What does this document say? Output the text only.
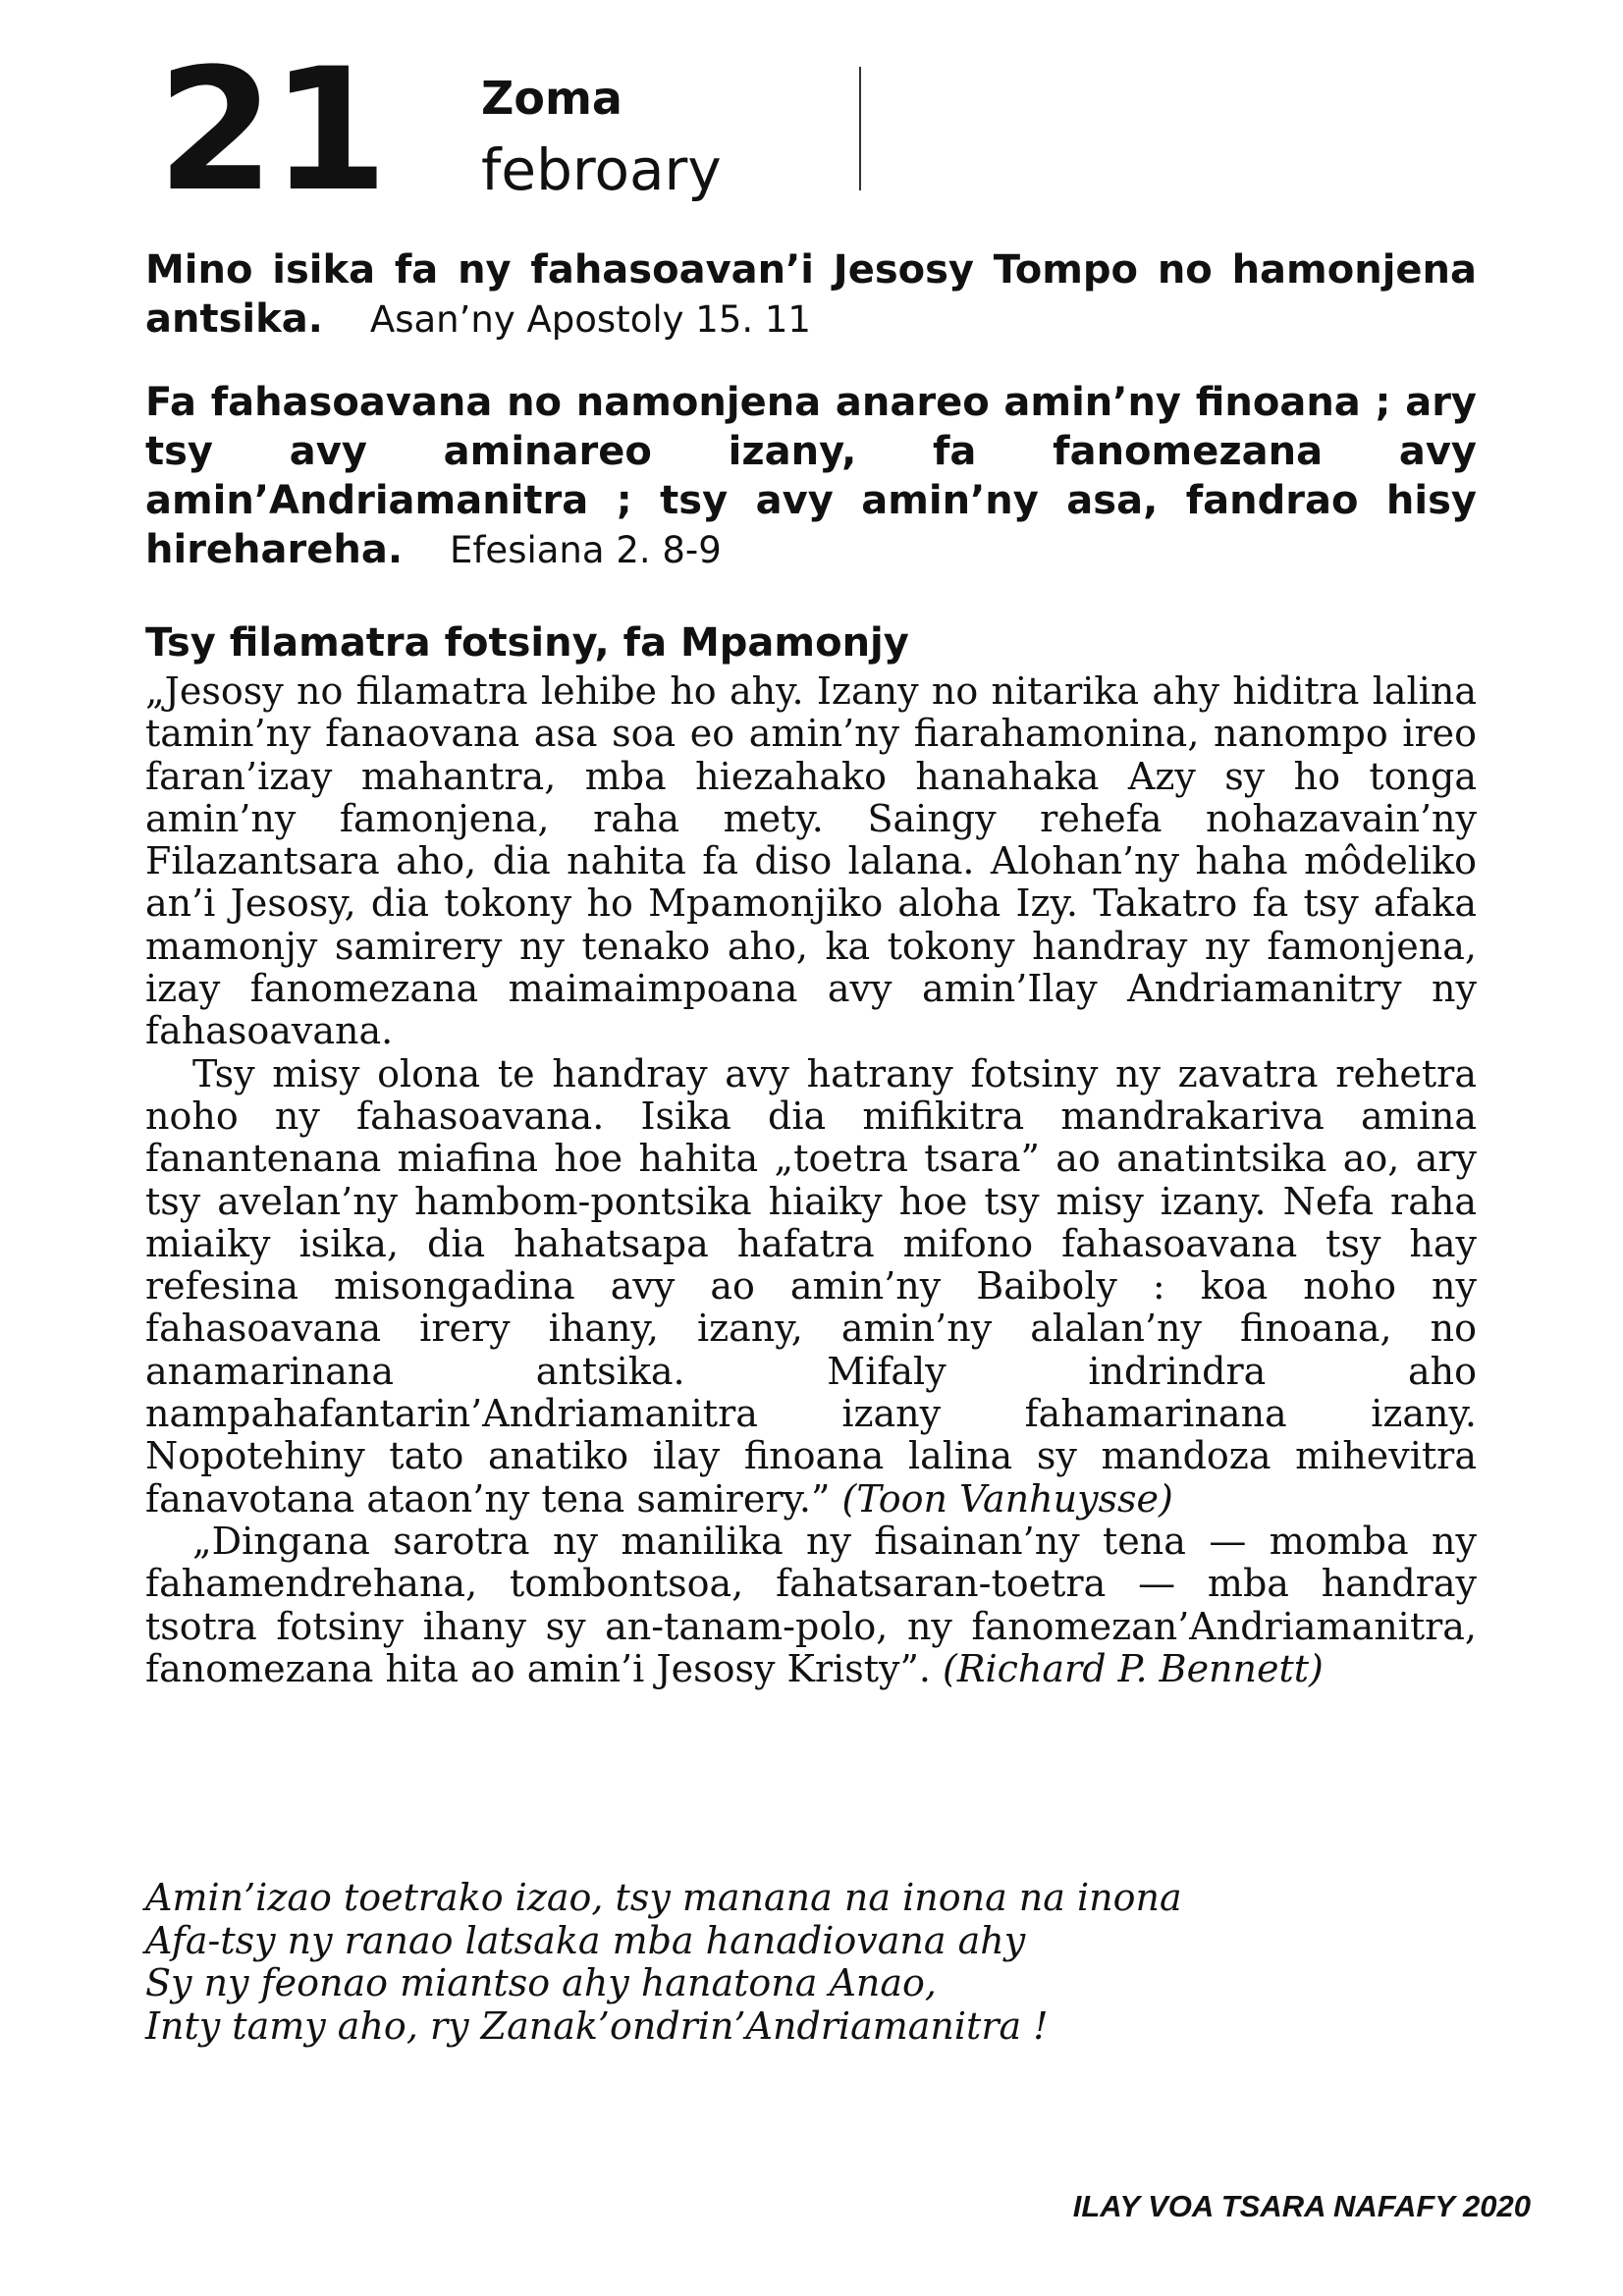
21 Zoma
febroary
Mino isika fa ny fahasoavan’i Jesosy Tompo no hamonjena antsika. Asan’ny Apostoly 15. 11
Fa fahasoavana no namonjena anareo amin’ny finoana ; ary tsy avy aminareo izany, fa fanomezana avy amin’Andriamanitra ; tsy avy amin’ny asa, fandrao hisy hirehareha. Efesiana 2. 8-9
Tsy filamatra fotsiny, fa Mpamonjy

„Jesosy no filamatra lehibe ho ahy. Izany no nitarika ahy hiditra lalina tamin’ny fanaovana asa soa eo amin’ny fiarahamonina, nanompo ireo faran’izay mahantra, mba hiezahako hanahaka Azy sy ho tonga amin’ny famonjena, raha mety. Saingy rehefa nohazavain’ny Filazantsara aho, dia nahita fa diso lalana. Alohan’ny haha môdeliko an’i Jesosy, dia tokony ho Mpamonjiko aloha Izy. Takatro fa tsy afaka mamonjy samirery ny tenako aho, ka tokony handray ny famonjena, izay fanomezana maimaimpoana avy amin’Ilay Andriamanitry ny fahasoavana.

Tsy misy olona te handray avy hatrany fotsiny ny zavatra rehetra noho ny fahasoavana. Isika dia mifikitra mandrakariva amina fanantenana miafina hoe hahita „toetra tsara” ao anatintsika ao, ary tsy avelan’ny hambom-pontsika hiaiky hoe tsy misy izany. Nefa raha miaiky isika, dia hahatsapa hafatra mifono fahasoavana tsy hay refesina misongadina avy ao amin’ny Baiboly : koa noho ny fahasoavana irery ihany, izany, amin’ny alalan’ny finoana, no anamarinana antsika. Mifaly indrindra aho nampahafantarin’Andriamanitra izany fahamarinana izany. Nopotehiny tato anatiko ilay finoana lalina sy mandoza mihevitra fanavotana ataon’ny tena samirery.” (Toon Vanhuysse)

„Dingana sarotra ny manilika ny fisainan’ny tena — momba ny fahamendrehana, tombontsoa, fahatsaran-toetra — mba handray tsotra fotsiny ihany sy an-tanam-polo, ny fanomezan’Andriamanitra, fanomezana hita ao amin’i Jesosy Kristy”. (Richard P. Bennett)

Amin’izao toetrako izao, tsy manana na inona na inona
Afa-tsy ny ranao latsaka mba hanadiovana ahy
Sy ny feonao miantso ahy hanatona Anao,
Inty tamy aho, ry Zanak’ondrin’Andriamanitra !
ILAY VOA TSARA NAFAFY 2020
